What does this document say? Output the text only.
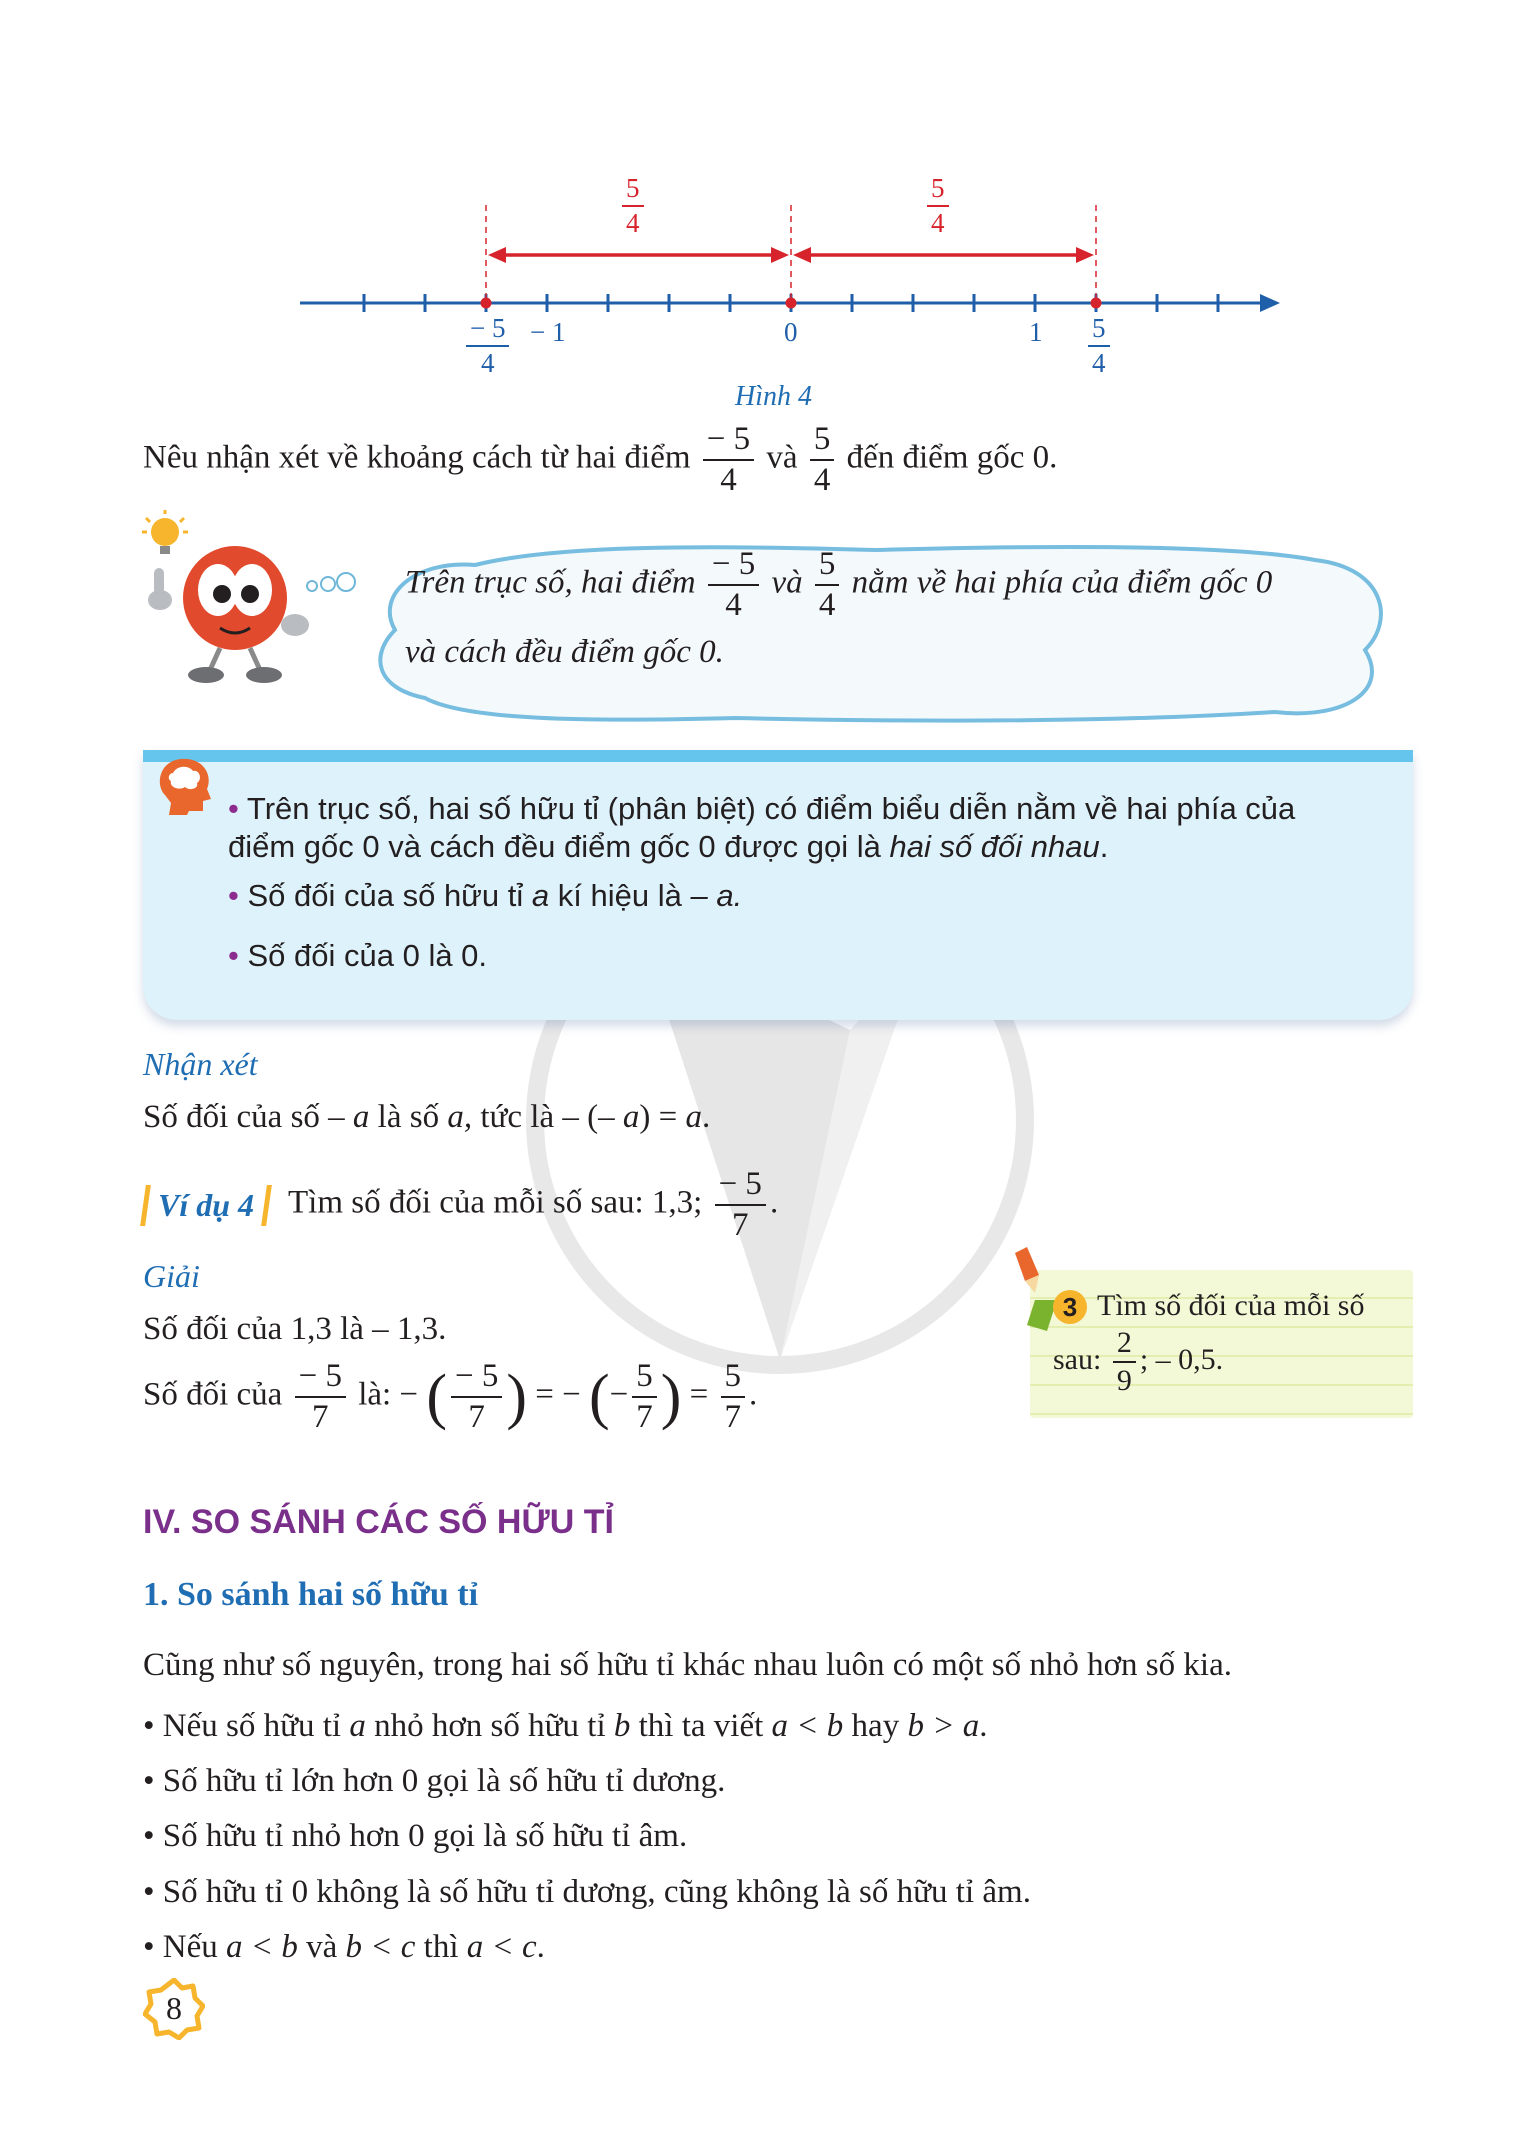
$\frac{5}{4}$	$\frac{5}{4}$
$\frac{- 5}{4} - 1$	0	$1 \frac{5}{4}$
Hình 4
Nêu nhận xét về khoảng cách từ hai điểm $\frac{- 5}{4}$ và $\frac{5}{4}$ đến điểm gốc 0.
Trên trục số, hai điểm $\frac{- 5}{4}$ và $\frac{5}{4}$ nằm về hai phía của điểm gốc 0
và cách đều điểm gốc 0.
• Trên trục số, hai số hữu tỉ (phân biệt) có điểm biểu diễn nằm về hai phía của
điểm gốc 0 và cách đều điểm gốc 0 được gọi là hai số đối nhau.
• Số đối của số hữu tỉ a kí hiệu là – a.
• Số đối của 0 là 0.
Nhận xét
Số đối của số – a là số a, tức là – (– a) = a.
Ví dụ 4	Tìm số đối của mỗi số sau: 1,3; $\frac{- 5}{7}$ .
Giải
Số đối của 1,3 là – 1,3.
Số đối của $\frac{- 5}{7}$ là: − ( $\frac{- 5}{7}$ ) = − (− $\frac{5}{7}$ ) = $\frac{5}{7}$ .
3 Tìm số đối của mỗi số
sau: $\frac{2}{9}$ ; – 0,5.
IV. SO SÁNH CÁC SỐ HỮU TỈ
1. So sánh hai số hữu tỉ
Cũng như số nguyên, trong hai số hữu tỉ khác nhau luôn có một số nhỏ hơn số kia.
• Nếu số hữu tỉ a nhỏ hơn số hữu tỉ b thì ta viết a < b hay b > a.
• Số hữu tỉ lớn hơn 0 gọi là số hữu tỉ dương.
• Số hữu tỉ nhỏ hơn 0 gọi là số hữu tỉ âm.
• Số hữu tỉ 0 không là số hữu tỉ dương, cũng không là số hữu tỉ âm.
• Nếu a < b và b < c thì a < c.
8
